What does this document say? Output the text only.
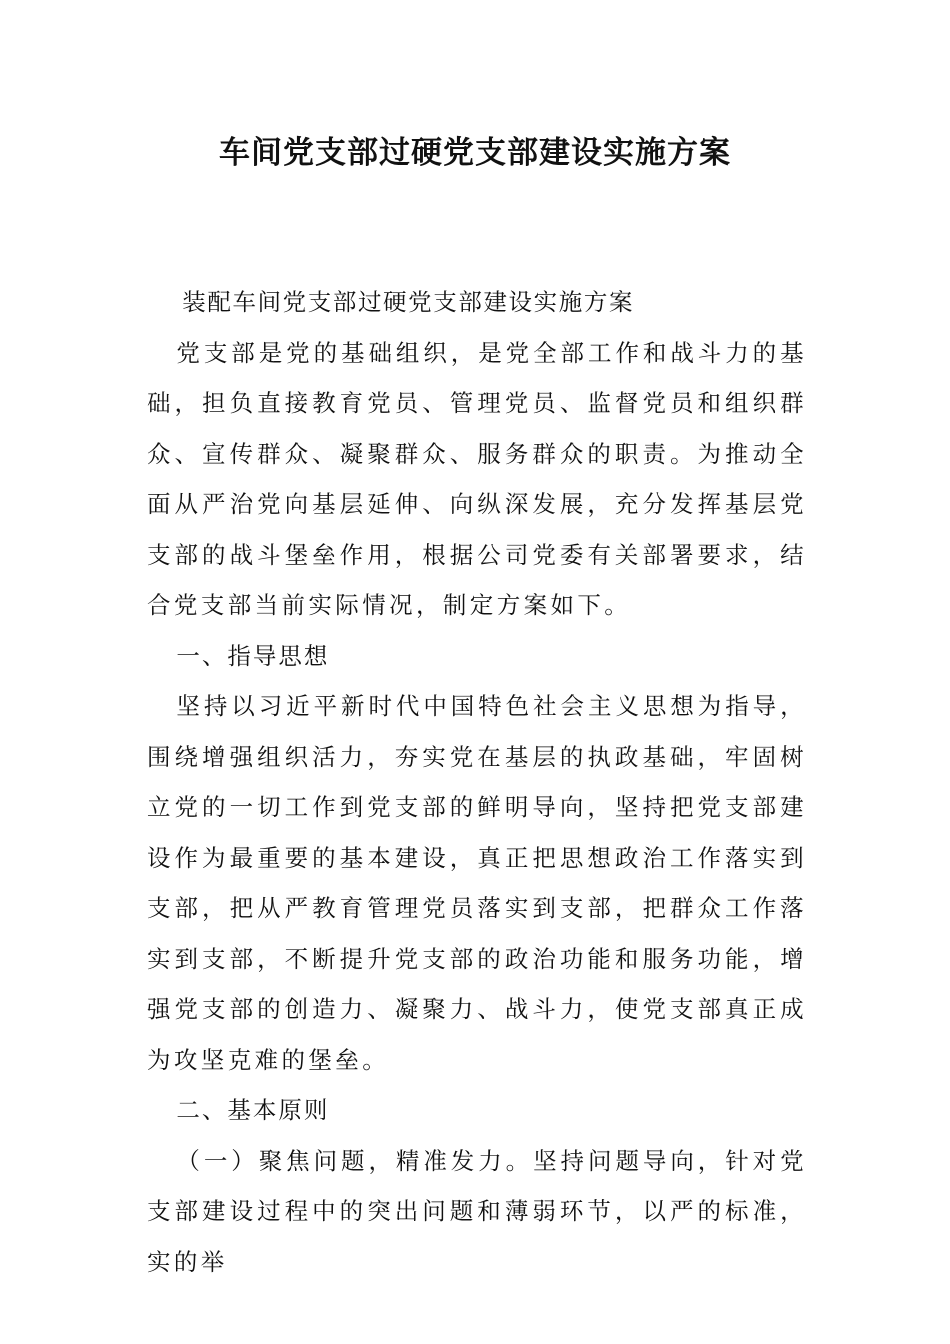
车间党支部过硬党支部建设实施方案

装配车间党支部过硬党支部建设实施方案

党支部是党的基础组织，是党全部工作和战斗力的基础，担负直接教育党员、管理党员、监督党员和组织群众、宣传群众、凝聚群众、服务群众的职责。为推动全面从严治党向基层延伸、向纵深发展，充分发挥基层党支部的战斗堡垒作用，根据公司党委有关部署要求，结合党支部当前实际情况，制定方案如下。

一、指导思想

坚持以习近平新时代中国特色社会主义思想为指导，围绕增强组织活力，夯实党在基层的执政基础，牢固树立党的一切工作到党支部的鲜明导向，坚持把党支部建设作为最重要的基本建设，真正把思想政治工作落实到支部，把从严教育管理党员落实到支部，把群众工作落实到支部，不断提升党支部的政治功能和服务功能，增强党支部的创造力、凝聚力、战斗力，使党支部真正成为攻坚克难的堡垒。

二、基本原则

（一）聚焦问题，精准发力。坚持问题导向，针对党支部建设过程中的突出问题和薄弱环节，以严的标准，实的举
